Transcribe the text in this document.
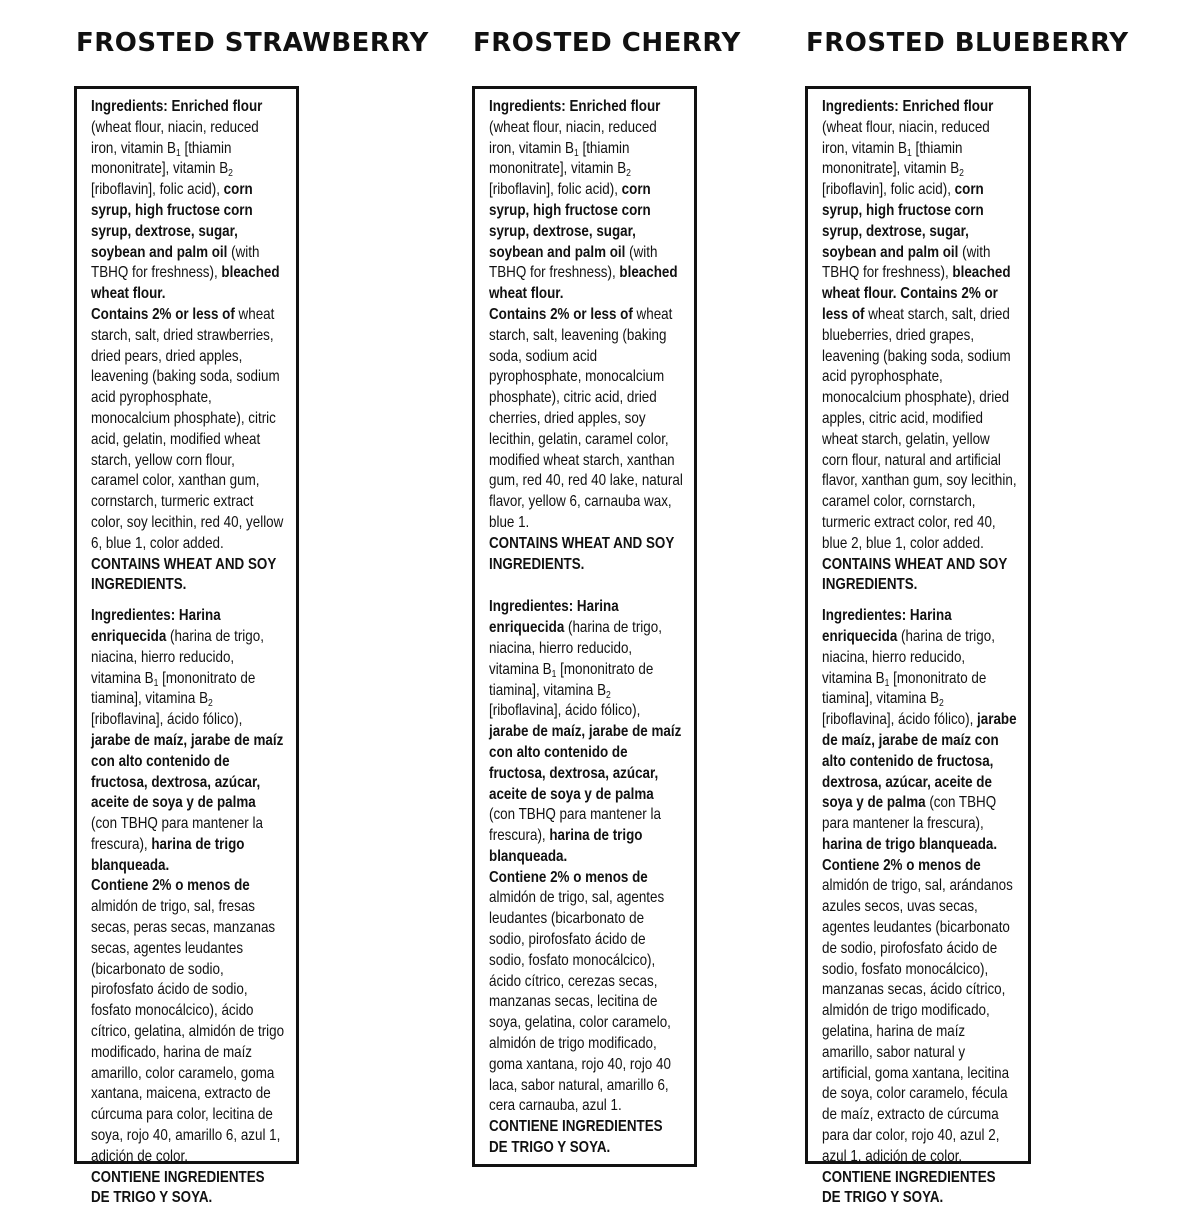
FROSTED STRAWBERRY

Ingredients: Enriched flour (wheat flour, niacin, reduced iron, vitamin $B_1$ [thiamin mononitrate], vitamin $B_2$ [riboflavin], folic acid), corn syrup, high fructose corn syrup, dextrose, sugar, soybean and palm oil (with TBHQ for freshness), bleached wheat flour.
Contains 2% or less of wheat starch, salt, dried strawberries, dried pears, dried apples, leavening (baking soda, sodium acid pyrophosphate, monocalcium phosphate), citric acid, gelatin, modified wheat starch, yellow corn flour, caramel color, xanthan gum, cornstarch, turmeric extract color, soy lecithin, red 40, yellow 6, blue 1, color added.

CONTAINS WHEAT AND SOY INGREDIENTS.

Ingredientes: Harina enriquecida (harina de trigo, niacina, hierro reducido, vitamina $B_1$ [mononitrato de tiamina], vitamina $B_2$ [riboflavina], ácido fólico), jarabe de maíz, jarabe de maíz con alto contenido de fructosa, dextrosa, azúcar, aceite de soya y de palma (con TBHQ para mantener la frescura), harina de trigo blanqueada.
Contiene 2% o menos de almidón de trigo, sal, fresas secas, peras secas, manzanas secas, agentes leudantes (bicarbonato de sodio, pirofosfato ácido de sodio, fosfato monocálcico), ácido cítrico, gelatina, almidón de trigo modificado, harina de maíz amarillo, color caramelo, goma xantana, maicena, extracto de cúrcuma para color, lecitina de soya, rojo 40, amarillo 6, azul 1, adición de color.

CONTIENE INGREDIENTES DE TRIGO Y SOYA.

FROSTED CHERRY

Ingredients: Enriched flour (wheat flour, niacin, reduced iron, vitamin $B_1$ [thiamin mononitrate], vitamin $B_2$ [riboflavin], folic acid), corn syrup, high fructose corn syrup, dextrose, sugar, soybean and palm oil (with TBHQ for freshness), bleached wheat flour.
Contains 2% or less of wheat starch, salt, leavening (baking soda, sodium acid pyrophosphate, monocalcium phosphate), citric acid, dried cherries, dried apples, soy lecithin, gelatin, caramel color, modified wheat starch, xanthan gum, red 40, red 40 lake, natural flavor, yellow 6, carnauba wax, blue 1.

CONTAINS WHEAT AND SOY INGREDIENTS.

Ingredientes: Harina enriquecida (harina de trigo, niacina, hierro reducido, vitamina $B_1$ [mononitrato de tiamina], vitamina $B_2$ [riboflavina], ácido fólico), jarabe de maíz, jarabe de maíz con alto contenido de fructosa, dextrosa, azúcar, aceite de soya y de palma (con TBHQ para mantener la frescura), harina de trigo blanqueada.
Contiene 2% o menos de almidón de trigo, sal, agentes leudantes (bicarbonato de sodio, pirofosfato ácido de sodio, fosfato monocálcico), ácido cítrico, cerezas secas, manzanas secas, lecitina de soya, gelatina, color caramelo, almidón de trigo modificado, goma xantana, rojo 40, rojo 40 laca, sabor natural, amarillo 6, cera carnauba, azul 1.

CONTIENE INGREDIENTES DE TRIGO Y SOYA.

FROSTED BLUEBERRY

Ingredients: Enriched flour (wheat flour, niacin, reduced iron, vitamin $B_1$ [thiamin mononitrate], vitamin $B_2$ [riboflavin], folic acid), corn syrup, high fructose corn syrup, dextrose, sugar, soybean and palm oil (with TBHQ for freshness), bleached wheat flour. Contains 2% or less of wheat starch, salt, dried blueberries, dried grapes, leavening (baking soda, sodium acid pyrophosphate, monocalcium phosphate), dried apples, citric acid, modified wheat starch, gelatin, yellow corn flour, natural and artificial flavor, xanthan gum, soy lecithin, caramel color, cornstarch, turmeric extract color, red 40, blue 2, blue 1, color added.

CONTAINS WHEAT AND SOY INGREDIENTS.

Ingredientes: Harina enriquecida (harina de trigo, niacina, hierro reducido, vitamina $B_1$ [mononitrato de tiamina], vitamina $B_2$ [riboflavina], ácido fólico), jarabe de maíz, jarabe de maíz con alto contenido de fructosa, dextrosa, azúcar, aceite de soya y de palma (con TBHQ para mantener la frescura), harina de trigo blanqueada.
Contiene 2% o menos de almidón de trigo, sal, arándanos azules secos, uvas secas, agentes leudantes (bicarbonato de sodio, pirofosfato ácido de sodio, fosfato monocálcico), manzanas secas, ácido cítrico, almidón de trigo modificado, gelatina, harina de maíz amarillo, sabor natural y artificial, goma xantana, lecitina de soya, color caramelo, fécula de maíz, extracto de cúrcuma para dar color, rojo 40, azul 2, azul 1, adición de color.

CONTIENE INGREDIENTES DE TRIGO Y SOYA.
